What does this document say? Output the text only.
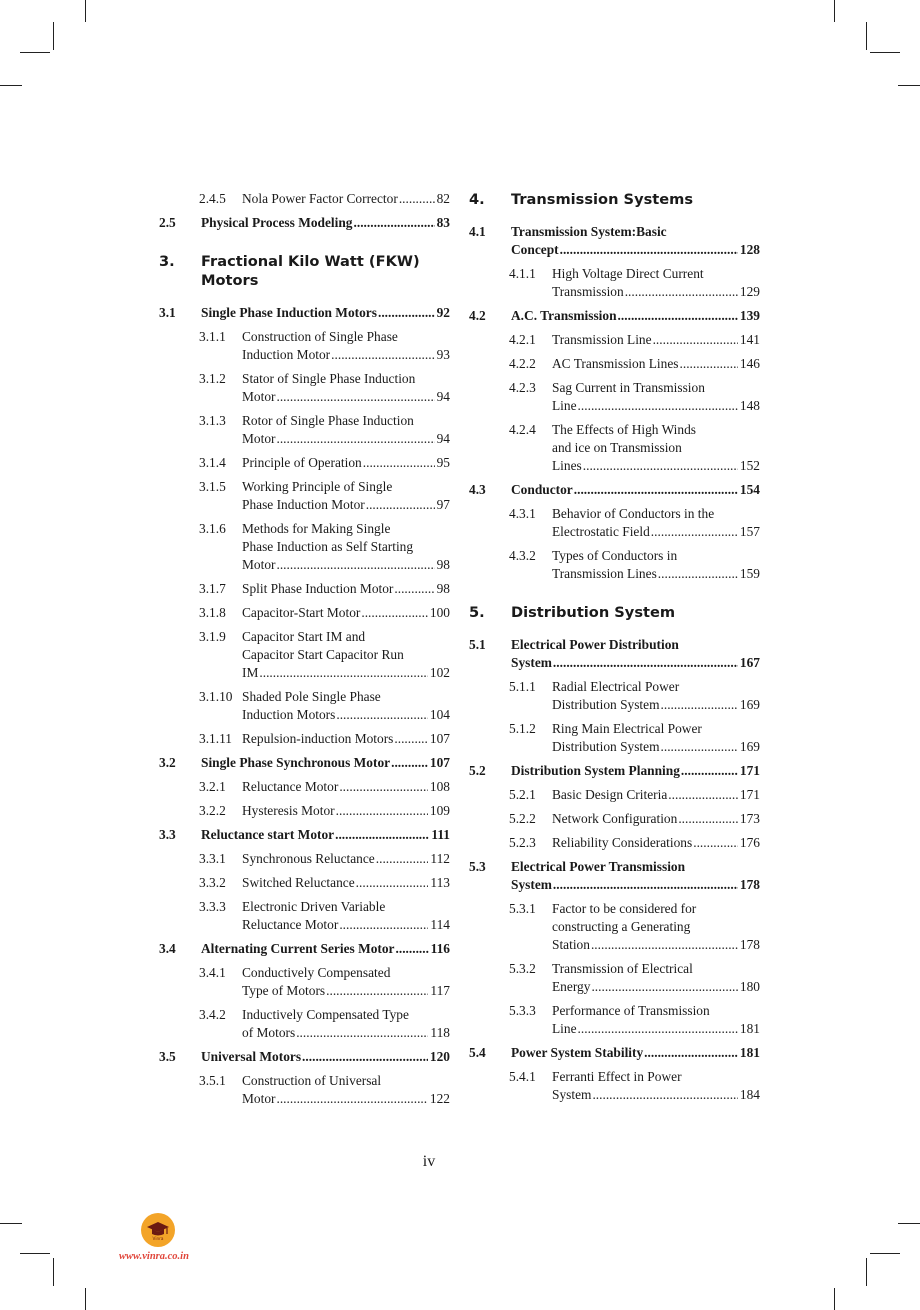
2.4.5 Nola Power Factor Corrector .....	82
2.5 Physical Process Modeling .....	83
3. Fractional Kilo Watt (FKW)
Motors
3.1 Single Phase Induction Motors .....	92
3.1.1 Construction of Single Phase
Induction Motor .....	93
3.1.2 Stator of Single Phase Induction
Motor .....	94
3.1.3 Rotor of Single Phase Induction
Motor .....	94
3.1.4 Principle of Operation .....	95
3.1.5 Working Principle of Single
Phase Induction Motor .....	97
3.1.6 Methods for Making Single
Phase Induction as Self Starting
Motor .....	98
3.1.7 Split Phase Induction Motor .....	98
3.1.8 Capacitor-Start Motor .....	100
3.1.9 Capacitor Start IM and
Capacitor Start Capacitor Run
IM .....	102
3.1.10 Shaded Pole Single Phase
Induction Motors .....	104
3.1.11 Repulsion-induction Motors .....	107
3.2 Single Phase Synchronous Motor .....	107
3.2.1 Reluctance Motor .....	108
3.2.2 Hysteresis Motor .....	109
3.3 Reluctance start Motor .....	111
3.3.1 Synchronous Reluctance .....	112
3.3.2 Switched Reluctance .....	113
3.3.3 Electronic Driven Variable
Reluctance Motor .....	114
3.4 Alternating Current Series Motor .....	116
3.4.1 Conductively Compensated
Type of Motors .....	117
3.4.2 Inductively Compensated Type
of Motors .....	118
3.5 Universal Motors .....	120
3.5.1 Construction of Universal
Motor .....	122
4. Transmission Systems
4.1 Transmission System:Basic
Concept .....	128
4.1.1 High Voltage Direct Current
Transmission .....	129
4.2 A.C. Transmission .....	139
4.2.1 Transmission Line .....	141
4.2.2 AC Transmission Lines .....	146
4.2.3 Sag Current in Transmission
Line .....	148
4.2.4 The Effects of High Winds
and ice on Transmission
Lines .....	152
4.3 Conductor .....	154
4.3.1 Behavior of Conductors in the
Electrostatic Field .....	157
4.3.2 Types of Conductors in
Transmission Lines .....	159
5. Distribution System
5.1 Electrical Power Distribution
System .....	167
5.1.1 Radial Electrical Power
Distribution System .....	169
5.1.2 Ring Main Electrical Power
Distribution System .....	169
5.2 Distribution System Planning .....	171
5.2.1 Basic Design Criteria .....	171
5.2.2 Network Configuration .....	173
5.2.3 Reliability Considerations .....	176
5.3 Electrical Power Transmission
System .....	178
5.3.1 Factor to be considered for
constructing a Generating
Station .....	178
5.3.2 Transmission of Electrical
Energy .....	180
5.3.3 Performance of Transmission
Line .....	181
5.4 Power System Stability .....	181
5.4.1 Ferranti Effect in Power
System .....	184
iv
Vinra
www.vinra.co.in
